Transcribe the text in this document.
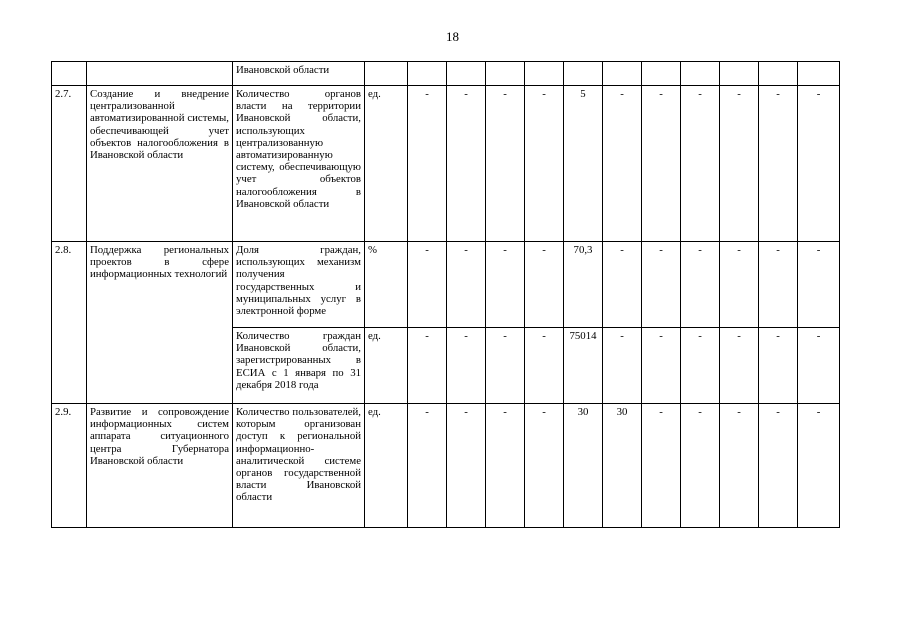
18
		Ивановской области												
2.7.	Создание и внедрение централизованной автоматизированной системы, обеспечивающей учет объектов налогообложения в Ивановской области	Количество органов власти на территории Ивановской области, использующих централизованную автоматизированную систему, обеспечивающую учет объектов налогообложения в Ивановской области	ед.	-	-	-	-	5	-	-	-	-	-	-
2.8.	Поддержка региональных проектов в сфере информационных технологий	Доля граждан, использующих механизм получения государственных и муниципальных услуг в электронной форме	%	-	-	-	-	70,3	-	-	-	-	-	-
		Количество граждан Ивановской области, зарегистрированных в ЕСИА с 1 января по 31 декабря 2018 года	ед.	-	-	-	-	75014	-	-	-	-	-	-
2.9.	Развитие и сопровождение информационных систем аппарата ситуационного центра Губернатора Ивановской области	Количество пользователей, которым организован доступ к региональной информационно-аналитической системе органов государственной власти Ивановской области	ед.	-	-	-	-	30	30	-	-	-	-	-
